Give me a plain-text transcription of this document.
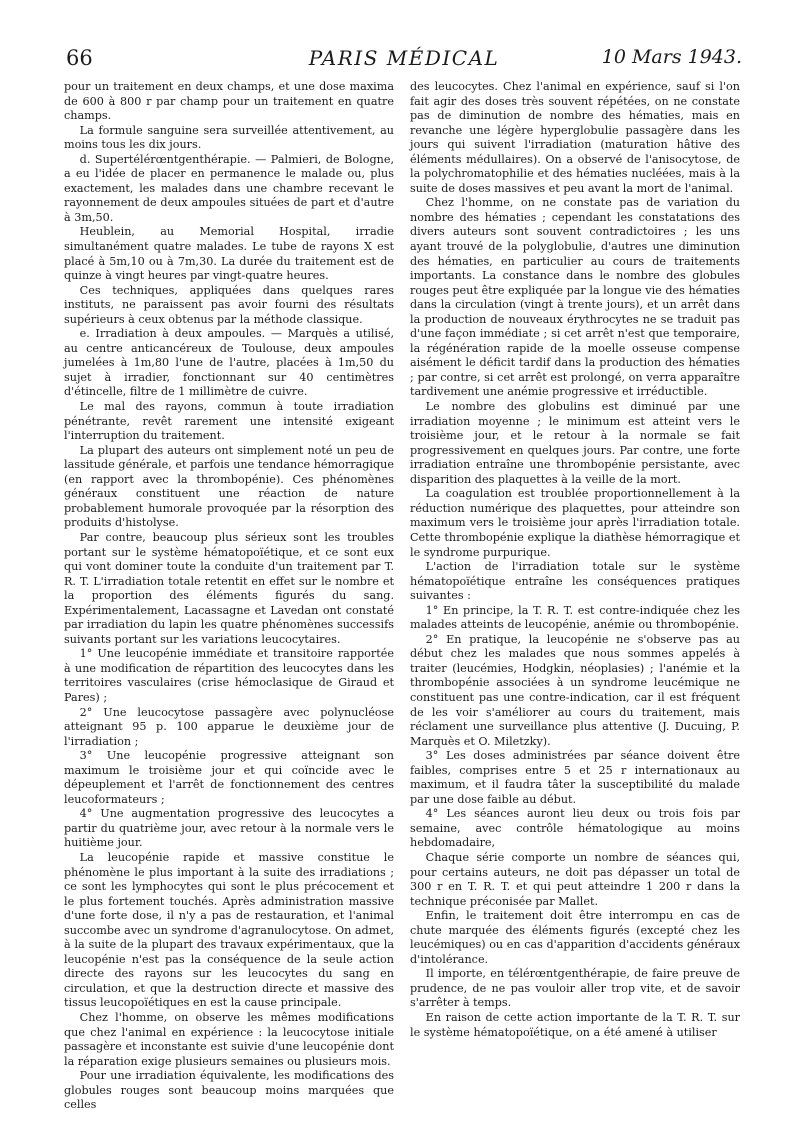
66	PARIS MÉDICAL	10 Mars 1943.

pour un traitement en deux champs, et une dose maxima de 600 à 800 r par champ pour un traitement en quatre champs.

La formule sanguine sera surveillée attentivement, au moins tous les dix jours.

d. Supertélérœntgenthérapie. — Palmieri, de Bologne, a eu l'idée de placer en permanence le malade ou, plus exactement, les malades dans une chambre recevant le rayonnement de deux ampoules situées de part et d'autre à 3m,50.

Heublein, au Memorial Hospital, irradie simultanément quatre malades. Le tube de rayons X est placé à 5m,10 ou à 7m,30. La durée du traitement est de quinze à vingt heures par vingt-quatre heures.

Ces techniques, appliquées dans quelques rares instituts, ne paraissent pas avoir fourni des résultats supérieurs à ceux obtenus par la méthode classique.

e. Irradiation à deux ampoules. — Marquès a utilisé, au centre anticancéreux de Toulouse, deux ampoules jumelées à 1m,80 l'une de l'autre, placées à 1m,50 du sujet à irradier, fonctionnant sur 40 centimètres d'étincelle, filtre de 1 millimètre de cuivre.

Le mal des rayons, commun à toute irradiation pénétrante, revêt rarement une intensité exigeant l'interruption du traitement.

La plupart des auteurs ont simplement noté un peu de lassitude générale, et parfois une tendance hémorragique (en rapport avec la thrombopénie). Ces phénomènes généraux constituent une réaction de nature probablement humorale provoquée par la résorption des produits d'histolyse.

Par contre, beaucoup plus sérieux sont les troubles portant sur le système hématopoïétique, et ce sont eux qui vont dominer toute la conduite d'un traitement par T. R. T. L'irradiation totale retentit en effet sur le nombre et la proportion des éléments figurés du sang. Expérimentalement, Lacassagne et Lavedan ont constaté par irradiation du lapin les quatre phénomènes successifs suivants portant sur les variations leucocytaires.

1° Une leucopénie immédiate et transitoire rapportée à une modification de répartition des leucocytes dans les territoires vasculaires (crise hémoclasique de Giraud et Pares) ;

2° Une leucocytose passagère avec polynucléose atteignant 95 p. 100 apparue le deuxième jour de l'irradiation ;

3° Une leucopénie progressive atteignant son maximum le troisième jour et qui coïncide avec le dépeuplement et l'arrêt de fonctionnement des centres leucoformateurs ;

4° Une augmentation progressive des leucocytes a partir du quatrième jour, avec retour à la normale vers le huitième jour.

La leucopénie rapide et massive constitue le phénomène le plus important à la suite des irradiations ; ce sont les lymphocytes qui sont le plus précocement et le plus fortement touchés. Après administration massive d'une forte dose, il n'y a pas de restauration, et l'animal succombe avec un syndrome d'agranulocytose. On admet, à la suite de la plupart des travaux expérimentaux, que la leucopénie n'est pas la conséquence de la seule action directe des rayons sur les leucocytes du sang en circulation, et que la destruction directe et massive des tissus leucopoïétiques en est la cause principale.

Chez l'homme, on observe les mêmes modifications que chez l'animal en expérience : la leucocytose initiale passagère et inconstante est suivie d'une leucopénie dont la réparation exige plusieurs semaines ou plusieurs mois.

Pour une irradiation équivalente, les modifications des globules rouges sont beaucoup moins marquées que celles

des leucocytes. Chez l'animal en expérience, sauf si l'on fait agir des doses très souvent répétées, on ne constate pas de diminution de nombre des hématies, mais en revanche une légère hyperglobulie passagère dans les jours qui suivent l'irradiation (maturation hâtive des éléments médullaires). On a observé de l'anisocytose, de la polychromatophilie et des hématies nucléées, mais à la suite de doses massives et peu avant la mort de l'animal.

Chez l'homme, on ne constate pas de variation du nombre des hématies ; cependant les constatations des divers auteurs sont souvent contradictoires ; les uns ayant trouvé de la polyglobulie, d'autres une diminution des hématies, en particulier au cours de traitements importants. La constance dans le nombre des globules rouges peut être expliquée par la longue vie des hématies dans la circulation (vingt à trente jours), et un arrêt dans la production de nouveaux érythrocytes ne se traduit pas d'une façon immédiate ; si cet arrêt n'est que temporaire, la régénération rapide de la moelle osseuse compense aisément le déficit tardif dans la production des hématies ; par contre, si cet arrêt est prolongé, on verra apparaître tardivement une anémie progressive et irréductible.

Le nombre des globulins est diminué par une irradiation moyenne ; le minimum est atteint vers le troisième jour, et le retour à la normale se fait progressivement en quelques jours. Par contre, une forte irradiation entraîne une thrombopénie persistante, avec disparition des plaquettes à la veille de la mort.

La coagulation est troublée proportionnellement à la réduction numérique des plaquettes, pour atteindre son maximum vers le troisième jour après l'irradiation totale. Cette thrombopénie explique la diathèse hémorragique et le syndrome purpurique.

L'action de l'irradiation totale sur le système hématopoïétique entraîne les conséquences pratiques suivantes :

1° En principe, la T. R. T. est contre-indiquée chez les malades atteints de leucopénie, anémie ou thrombopénie.

2° En pratique, la leucopénie ne s'observe pas au début chez les malades que nous sommes appelés à traiter (leucémies, Hodgkin, néoplasies) ; l'anémie et la thrombopénie associées à un syndrome leucémique ne constituent pas une contre-indication, car il est fréquent de les voir s'améliorer au cours du traitement, mais réclament une surveillance plus attentive (J. Ducuing, P. Marquès et O. Miletzky).

3° Les doses administrées par séance doivent être faibles, comprises entre 5 et 25 r internationaux au maximum, et il faudra tâter la susceptibilité du malade par une dose faible au début.

4° Les séances auront lieu deux ou trois fois par semaine, avec contrôle hématologique au moins hebdomadaire,

Chaque série comporte un nombre de séances qui, pour certains auteurs, ne doit pas dépasser un total de 300 r en T. R. T. et qui peut atteindre 1 200 r dans la technique préconisée par Mallet.

Enfin, le traitement doit être interrompu en cas de chute marquée des éléments figurés (excepté chez les leucémiques) ou en cas d'apparition d'accidents généraux d'intolérance.

Il importe, en télérœntgenthérapie, de faire preuve de prudence, de ne pas vouloir aller trop vite, et de savoir s'arrêter à temps.

En raison de cette action importante de la T. R. T. sur le système hématopoïétique, on a été amené à utiliser
